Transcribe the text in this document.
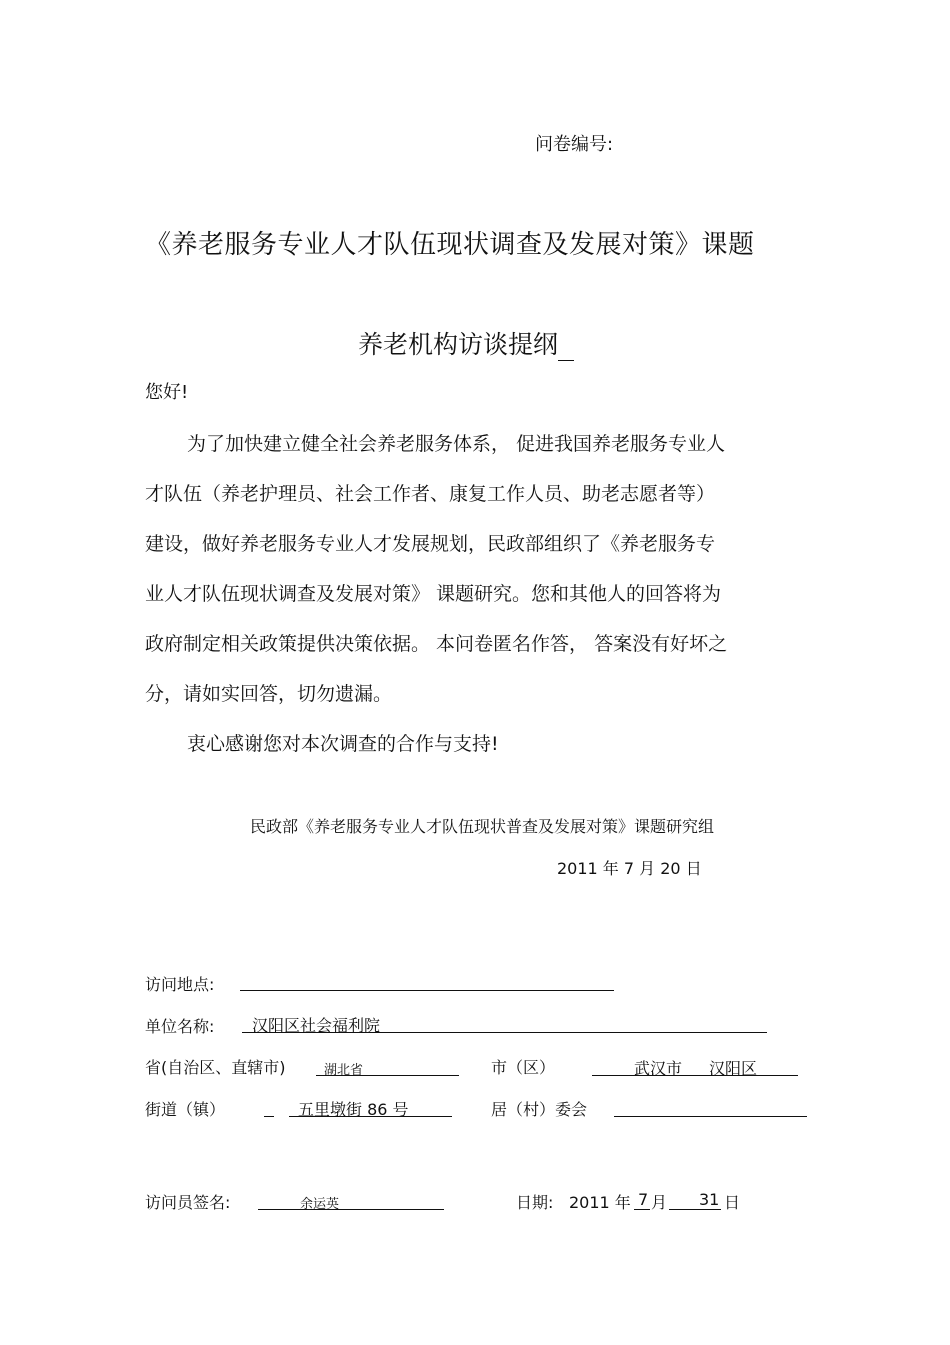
问卷编号:
《养老服务专业人才队伍现状调查及发展对策》课题
养老机构访谈提纲
您好!
为了加快建立健全社会养老服务体系， 促进我国养老服务专业人
才队伍（养老护理员、社会工作者、康复工作人员、助老志愿者等）
建设，做好养老服务专业人才发展规划，民政部组织了《养老服务专
业人才队伍现状调查及发展对策》 课题研究。您和其他人的回答将为
政府制定相关政策提供决策依据。 本问卷匿名作答， 答案没有好坏之
分，请如实回答，切勿遗漏。
衷心感谢您对本次调查的合作与支持!
民政部《养老服务专业人才队伍现状普查及发展对策》课题研究组
2011 年 7 月 20 日
访问地点:
单位名称: 汉阳区社会福利院
省(自治区、直辖市)	湖北省	市（区）	武汉市 汉阳区
街道（镇）	五里墩街 86 号	居（村）委会
访问员签名:	余运英	日期: 2011 年 7 月 31 日
